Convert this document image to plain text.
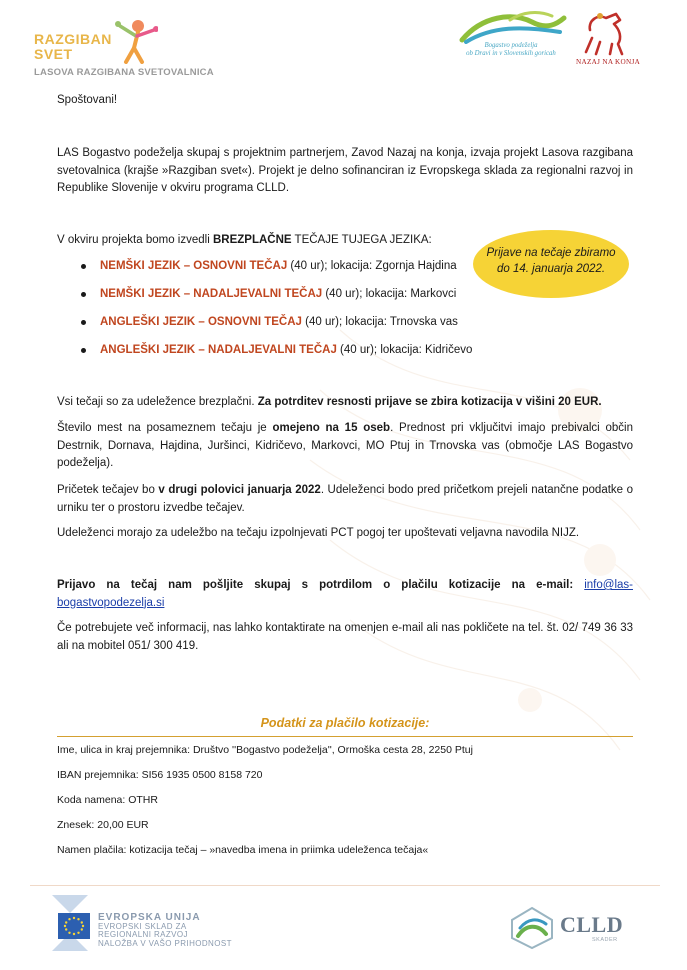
RAZGIBAN
SVET
LASOVA RAZGIBANA SVETOVALNICA
Bogastvo podeželja
ob Dravi in v Slovenskih goricah
NAZAJ NA KONJA
Spoštovani!
LAS Bogastvo podeželja skupaj s projektnim partnerjem, Zavod Nazaj na konja, izvaja projekt Lasova razgibana svetovalnica (krajše »Razgiban svet«). Projekt je delno sofinanciran iz Evropskega sklada za regionalni razvoj in Republike Slovenije v okviru programa CLLD.
V okviru projekta bomo izvedli BREZPLAČNE TEČAJE TUJEGA JEZIKA:
NEMŠKI JEZIK – OSNOVNI TEČAJ (40 ur); lokacija: Zgornja Hajdina
NEMŠKI JEZIK – NADALJEVALNI TEČAJ (40 ur); lokacija: Markovci
ANGLEŠKI JEZIK – OSNOVNI TEČAJ (40 ur); lokacija: Trnovska vas
ANGLEŠKI JEZIK – NADALJEVALNI TEČAJ (40 ur); lokacija: Kidričevo
Vsi tečaji so za udeležence brezplačni. Za potrditev resnosti prijave se zbira kotizacija v višini 20 EUR.
Število mest na posameznem tečaju je omejeno na 15 oseb. Prednost pri vključitvi imajo prebivalci občin Destrnik, Dornava, Hajdina, Juršinci, Kidričevo, Markovci, MO Ptuj in Trnovska vas (območje LAS Bogastvo podeželja).
Pričetek tečajev bo v drugi polovici januarja 2022. Udeleženci bodo pred pričetkom prejeli natančne podatke o urniku ter o prostoru izvedbe tečajev.
Udeleženci morajo za udeležbo na tečaju izpolnjevati PCT pogoj ter upoštevati veljavna navodila NIJZ.
Prijavo na tečaj nam pošljite skupaj s potrdilom o plačilu kotizacije na e-mail: info@las-bogastvopodezelja.si
Če potrebujete več informacij, nas lahko kontaktirate na omenjen e-mail ali nas pokličete na tel. št. 02/ 749 36 33 ali na mobitel 051/ 300 419.
Prijave na tečaje zbiramo do 14. januarja 2022.
Podatki za plačilo kotizacije:
Ime, ulica in kraj prejemnika: Društvo ''Bogastvo podeželja'', Ormoška cesta 28, 2250 Ptuj
IBAN prejemnika: SI56 1935 0500 8158 720
Koda namena: OTHR
Znesek: 20,00 EUR
Namen plačila: kotizacija tečaj – »navedba imena in priimka udeleženca tečaja«
EVROPSKA UNIJA
EVROPSKI SKLAD ZA
REGIONALNI RAZVOJ
NALOŽBA V VAŠO PRIHODNOST
CLLD
SKADER
